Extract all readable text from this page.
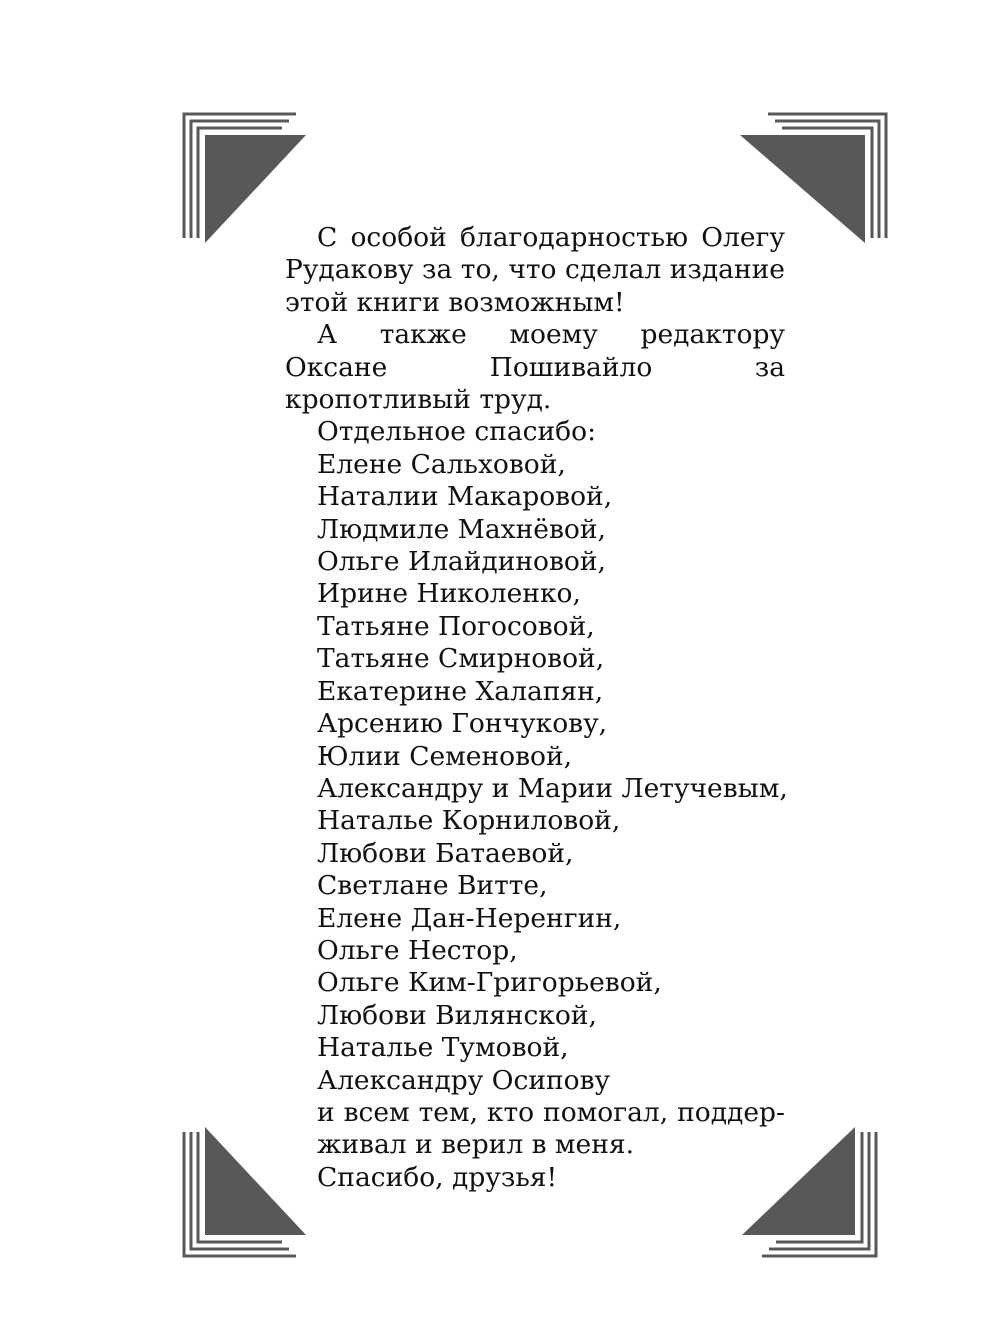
С особой благодарностью Олегу Рудакову за то, что сделал издание этой книги возможным!

А также моему редактору Оксане Пошивайло за кропотливый труд.

Отдельное спасибо:
Елене Сальховой,
Наталии Макаровой,
Людмиле Махнёвой,
Ольге Илайдиновой,
Ирине Николенко,
Татьяне Погосовой,
Татьяне Смирновой,
Екатерине Халапян,
Арсению Гончукову,
Юлии Семеновой,
Александру и Марии Летучевым,
Наталье Корниловой,
Любови Батаевой,
Светлане Витте,
Елене Дан-Неренгин,
Ольге Нестор,
Ольге Ким-Григорьевой,
Любови Вилянской,
Наталье Тумовой,
Александру Осипову

и всем тем, кто помогал, поддерживал и верил в меня.

Спасибо, друзья!
